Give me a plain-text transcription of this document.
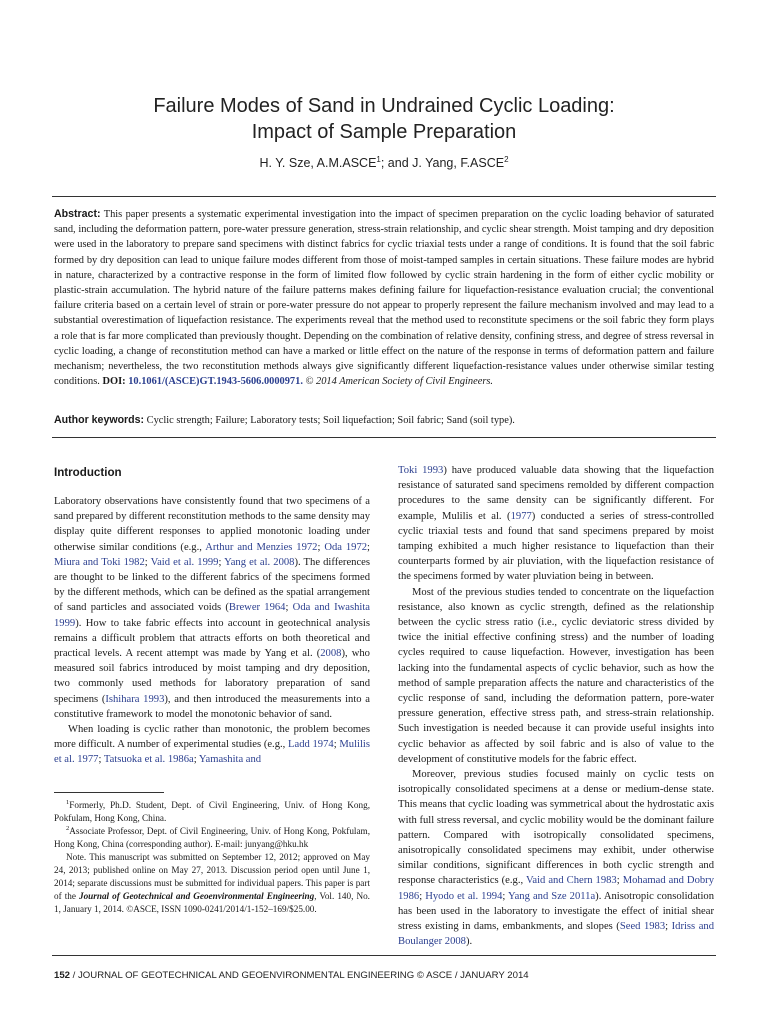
Failure Modes of Sand in Undrained Cyclic Loading:
Impact of Sample Preparation
H. Y. Sze, A.M.ASCE$^1$; and J. Yang, F.ASCE$^2$
Abstract: This paper presents a systematic experimental investigation into the impact of specimen preparation on the cyclic loading behavior of saturated sand, including the deformation pattern, pore-water pressure generation, stress-strain relationship, and cyclic shear strength. Moist tamping and dry deposition were used in the laboratory to prepare sand specimens with distinct fabrics for cyclic triaxial tests under a range of conditions. It is found that the soil fabric formed by dry deposition can lead to unique failure modes different from those of moist-tamped samples in certain situations. These failure modes are hybrid in nature, characterized by a contractive response in the form of limited flow followed by cyclic strain hardening in the form of either cyclic mobility or plastic-strain accumulation. The hybrid nature of the failure patterns makes defining failure for liquefaction-resistance evaluation crucial; the conventional failure criteria based on a certain level of strain or pore-water pressure do not appear to properly represent the failure mechanism involved and may lead to a substantial overestimation of liquefaction resistance. The experiments reveal that the method used to reconstitute specimens or the soil fabric they form plays a role that is far more complicated than previously thought. Depending on the combination of relative density, confining stress, and degree of stress reversal in cyclic loading, a change of reconstitution method can have a marked or little effect on the nature of the response in terms of deformation pattern and failure mechanism; nevertheless, the two reconstitution methods always give significantly different liquefaction-resistance values under otherwise similar testing conditions. DOI: 10.1061/(ASCE)GT.1943-5606.0000971. © 2014 American Society of Civil Engineers.
Author keywords: Cyclic strength; Failure; Laboratory tests; Soil liquefaction; Soil fabric; Sand (soil type).
Introduction

Laboratory observations have consistently found that two specimens of a sand prepared by different reconstitution methods to the same density may display quite different responses to applied monotonic loading under otherwise similar conditions (e.g., Arthur and Menzies 1972; Oda 1972; Miura and Toki 1982; Vaid et al. 1999; Yang et al. 2008). The differences are thought to be linked to the different fabrics of the specimens formed by the different methods, which can be defined as the spatial arrangement of sand particles and associated voids (Brewer 1964; Oda and Iwashita 1999). How to take fabric effects into account in geotechnical analysis remains a difficult problem that attracts efforts on both theoretical and practical levels. A recent attempt was made by Yang et al. (2008), who measured soil fabrics introduced by moist tamping and dry deposition, two commonly used methods for laboratory preparation of sand specimens (Ishihara 1993), and then introduced the measurements into a constitutive framework to model the monotonic behavior of sand.

When loading is cyclic rather than monotonic, the problem becomes more difficult. A number of experimental studies (e.g., Ladd 1974; Mulilis et al. 1977; Tatsuoka et al. 1986a; Yamashita and

$^1$Formerly, Ph.D. Student, Dept. of Civil Engineering, Univ. of Hong Kong, Pokfulam, Hong Kong, China.

$^2$Associate Professor, Dept. of Civil Engineering, Univ. of Hong Kong, Pokfulam, Hong Kong, China (corresponding author). E-mail: junyang@hku.hk

Note. This manuscript was submitted on September 12, 2012; approved on May 24, 2013; published online on May 27, 2013. Discussion period open until June 1, 2014; separate discussions must be submitted for individual papers. This paper is part of the Journal of Geotechnical and Geoenvironmental Engineering, Vol. 140, No. 1, January 1, 2014. ©ASCE, ISSN 1090-0241/2014/1-152–169/$25.00.

Toki 1993) have produced valuable data showing that the liquefaction resistance of saturated sand specimens remolded by different compaction procedures to the same density can be significantly different. For example, Mulilis et al. (1977) conducted a series of stress-controlled cyclic triaxial tests and found that sand specimens prepared by moist tamping exhibited a much higher resistance to liquefaction than their counterparts formed by air pluviation, with the liquefaction resistance of the specimens formed by water pluviation being in between.

Most of the previous studies tended to concentrate on the liquefaction resistance, also known as cyclic strength, defined as the relationship between the cyclic stress ratio (i.e., cyclic deviatoric stress divided by twice the initial effective confining stress) and the number of loading cycles required to cause liquefaction. However, investigation has been lacking into the fundamental aspects of cyclic behavior, such as how the method of sample preparation affects the nature and characteristics of the cyclic response of sand, including the deformation pattern, pore-water pressure generation, effective stress path, and stress-strain relationship. Such investigation is needed because it can provide useful insights into cyclic behavior as affected by soil fabric and is also of value to the development of constitutive models for the fabric effect.

Moreover, previous studies focused mainly on cyclic tests on isotropically consolidated specimens at a dense or medium-dense state. This means that cyclic loading was symmetrical about the hydrostatic axis with full stress reversal, and cyclic mobility would be the dominant failure pattern. Compared with isotropically consolidated specimens, anisotropically consolidated specimens may exhibit, under otherwise similar conditions, significant differences in both cyclic strength and response characteristics (e.g., Vaid and Chern 1983; Mohamad and Dobry 1986; Hyodo et al. 1994; Yang and Sze 2011a). Anisotropic consolidation has been used in the laboratory to investigate the effect of initial shear stress existing in dams, embankments, and slopes (Seed 1983; Idriss and Boulanger 2008).

152 / JOURNAL OF GEOTECHNICAL AND GEOENVIRONMENTAL ENGINEERING © ASCE / JANUARY 2014
